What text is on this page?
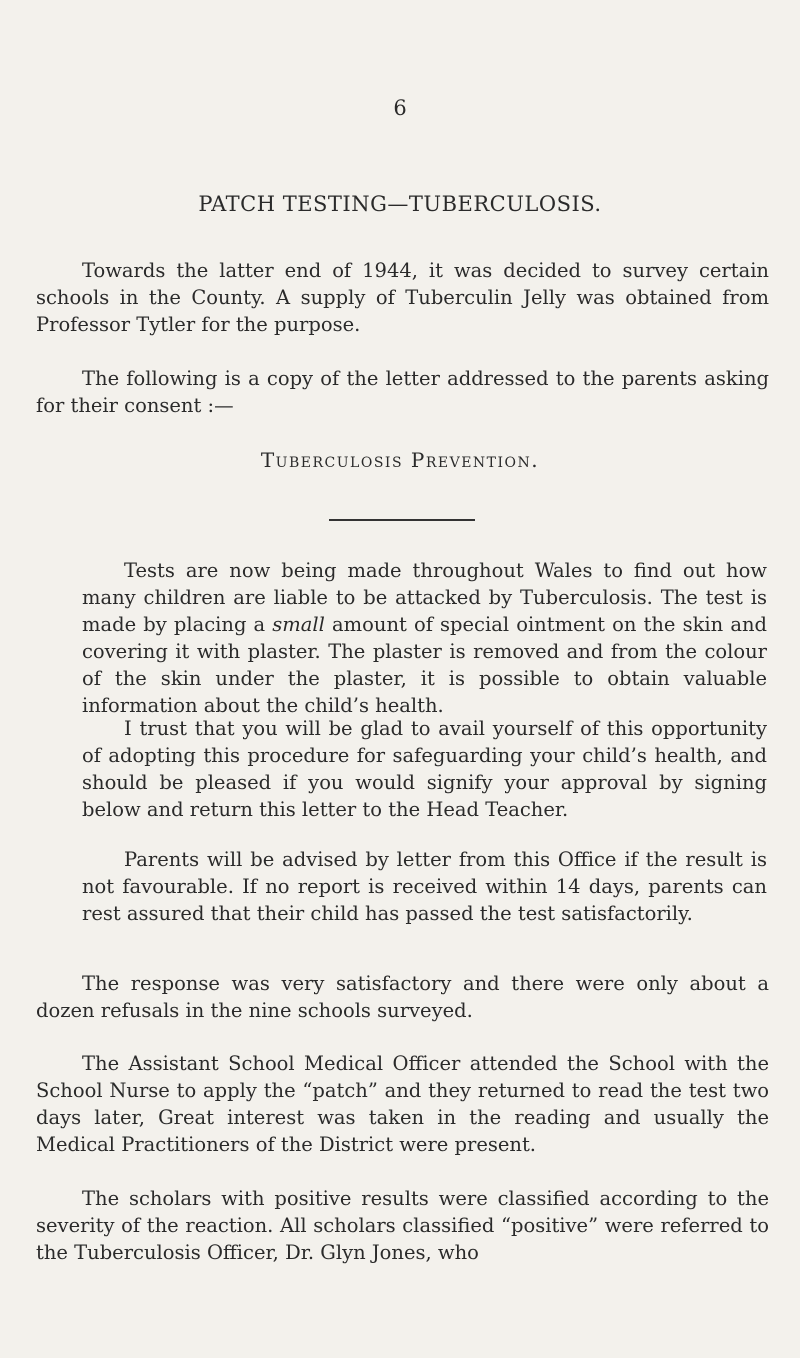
6
PATCH TESTING—TUBERCULOSIS.

Towards the latter end of 1944, it was decided to survey certain schools in the County. A supply of Tuberculin Jelly was obtained from Professor Tytler for the purpose.

The following is a copy of the letter addressed to the parents asking for their consent :—

Tuberculosis Prevention.

Tests are now being made throughout Wales to find out how many children are liable to be attacked by Tuberculosis. The test is made by placing a small amount of special ointment on the skin and covering it with plaster. The plaster is removed and from the colour of the skin under the plaster, it is possible to obtain valuable information about the child’s health.

I trust that you will be glad to avail yourself of this opportunity of adopting this procedure for safeguarding your child’s health, and should be pleased if you would signify your approval by signing below and return this letter to the Head Teacher.

Parents will be advised by letter from this Office if the result is not favourable. If no report is received within 14 days, parents can rest assured that their child has passed the test satisfactorily.

The response was very satisfactory and there were only about a dozen refusals in the nine schools surveyed.

The Assistant School Medical Officer attended the School with the School Nurse to apply the “patch” and they returned to read the test two days later, Great interest was taken in the reading and usually the Medical Practitioners of the District were present.

The scholars with positive results were classified according to the severity of the reaction. All scholars classified “positive” were referred to the Tuberculosis Officer, Dr. Glyn Jones, who
